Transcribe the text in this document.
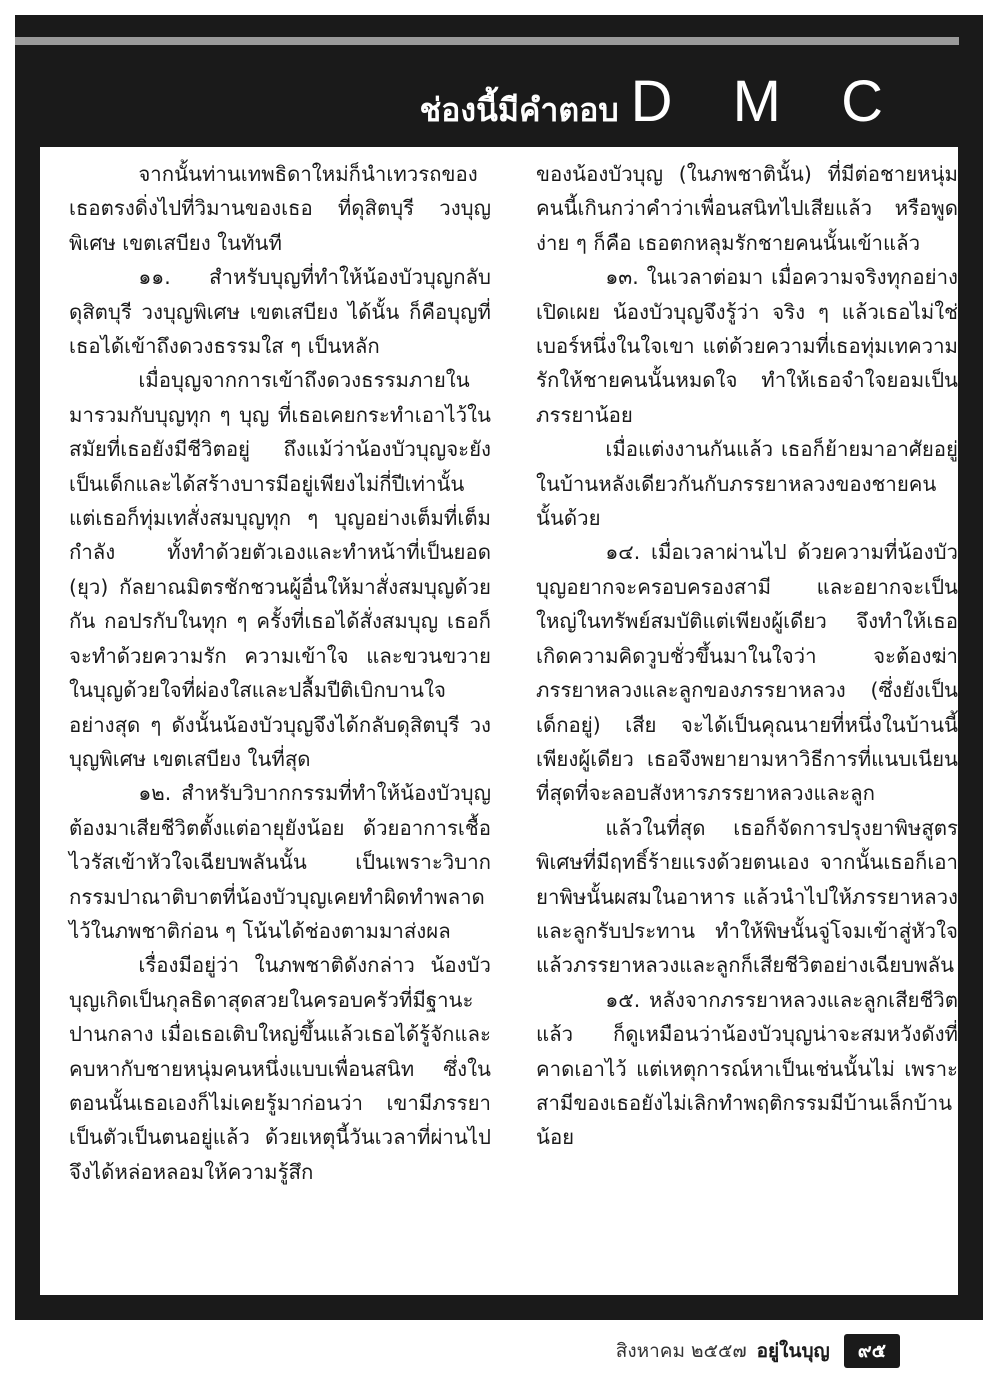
ช่องนี้มีคำตอบ D M C

จากนั้นท่านเทพธิดาใหม่ก็นำเทวรถของเธอตรงดิ่งไปที่วิมานของเธอ ที่ดุสิตบุรี วงบุญพิเศษ เขตเสบียง ในทันที

๑๑. สำหรับบุญที่ทำให้น้องบัวบุญกลับดุสิตบุรี วงบุญพิเศษ เขตเสบียง ได้นั้น ก็คือบุญที่เธอได้เข้าถึงดวงธรรมใส ๆ เป็นหลัก

เมื่อบุญจากการเข้าถึงดวงธรรมภายในมารวมกับบุญทุก ๆ บุญ ที่เธอเคยกระทำเอาไว้ในสมัยที่เธอยังมีชีวิตอยู่ ถึงแม้ว่าน้องบัวบุญจะยังเป็นเด็กและได้สร้างบารมีอยู่เพียงไม่กี่ปีเท่านั้น แต่เธอก็ทุ่มเทสั่งสมบุญทุก ๆ บุญอย่างเต็มที่เต็มกำลัง ทั้งทำด้วยตัวเองและทำหน้าที่เป็นยอด (ยุว) กัลยาณมิตรชักชวนผู้อื่นให้มาสั่งสมบุญด้วยกัน กอปรกับในทุก ๆ ครั้งที่เธอได้สั่งสมบุญ เธอก็จะทำด้วยความรัก ความเข้าใจ และขวนขวายในบุญด้วยใจที่ผ่องใสและปลื้มปีติเบิกบานใจอย่างสุด ๆ ดังนั้นน้องบัวบุญจึงได้กลับดุสิตบุรี วงบุญพิเศษ เขตเสบียง ในที่สุด

๑๒. สำหรับวิบากกรรมที่ทำให้น้องบัวบุญต้องมาเสียชีวิตตั้งแต่อายุยังน้อย ด้วยอาการเชื้อไวรัสเข้าหัวใจเฉียบพลันนั้น เป็นเพราะวิบากกรรมปาณาติบาตที่น้องบัวบุญเคยทำผิดทำพลาดไว้ในภพชาติก่อน ๆ โน้นได้ช่องตามมาส่งผล

เรื่องมีอยู่ว่า ในภพชาติดังกล่าว น้องบัวบุญเกิดเป็นกุลธิดาสุดสวยในครอบครัวที่มีฐานะปานกลาง เมื่อเธอเติบใหญ่ขึ้นแล้วเธอได้รู้จักและคบหากับชายหนุ่มคนหนึ่งแบบเพื่อนสนิท ซึ่งในตอนนั้นเธอเองก็ไม่เคยรู้มาก่อนว่า เขามีภรรยาเป็นตัวเป็นตนอยู่แล้ว ด้วยเหตุนี้วันเวลาที่ผ่านไปจึงได้หล่อหลอมให้ความรู้สึก

ของน้องบัวบุญ (ในภพชาตินั้น) ที่มีต่อชายหนุ่มคนนี้เกินกว่าคำว่าเพื่อนสนิทไปเสียแล้ว หรือพูดง่าย ๆ ก็คือ เธอตกหลุมรักชายคนนั้นเข้าแล้ว

๑๓. ในเวลาต่อมา เมื่อความจริงทุกอย่างเปิดเผย น้องบัวบุญจึงรู้ว่า จริง ๆ แล้วเธอไม่ใช่เบอร์หนึ่งในใจเขา แต่ด้วยความที่เธอทุ่มเทความรักให้ชายคนนั้นหมดใจ ทำให้เธอจำใจยอมเป็นภรรยาน้อย

เมื่อแต่งงานกันแล้ว เธอก็ย้ายมาอาศัยอยู่ในบ้านหลังเดียวกันกับภรรยาหลวงของชายคนนั้นด้วย

๑๔. เมื่อเวลาผ่านไป ด้วยความที่น้องบัวบุญอยากจะครอบครองสามี และอยากจะเป็นใหญ่ในทรัพย์สมบัติแต่เพียงผู้เดียว จึงทำให้เธอเกิดความคิดวูบชั่วขึ้นมาในใจว่า จะต้องฆ่าภรรยาหลวงและลูกของภรรยาหลวง (ซึ่งยังเป็นเด็กอยู่) เสีย จะได้เป็นคุณนายที่หนึ่งในบ้านนี้เพียงผู้เดียว เธอจึงพยายามหาวิธีการที่แนบเนียนที่สุดที่จะลอบสังหารภรรยาหลวงและลูก

แล้วในที่สุด เธอก็จัดการปรุงยาพิษสูตรพิเศษที่มีฤทธิ์ร้ายแรงด้วยตนเอง จากนั้นเธอก็เอายาพิษนั้นผสมในอาหาร แล้วนำไปให้ภรรยาหลวงและลูกรับประทาน ทำให้พิษนั้นจู่โจมเข้าสู่หัวใจ แล้วภรรยาหลวงและลูกก็เสียชีวิตอย่างเฉียบพลัน

๑๕. หลังจากภรรยาหลวงและลูกเสียชีวิตแล้ว ก็ดูเหมือนว่าน้องบัวบุญน่าจะสมหวังดังที่คาดเอาไว้ แต่เหตุการณ์หาเป็นเช่นนั้นไม่ เพราะสามีของเธอยังไม่เลิกทำพฤติกรรมมีบ้านเล็กบ้านน้อย

สิงหาคม ๒๕๕๗ อยู่ในบุญ	๙๕
